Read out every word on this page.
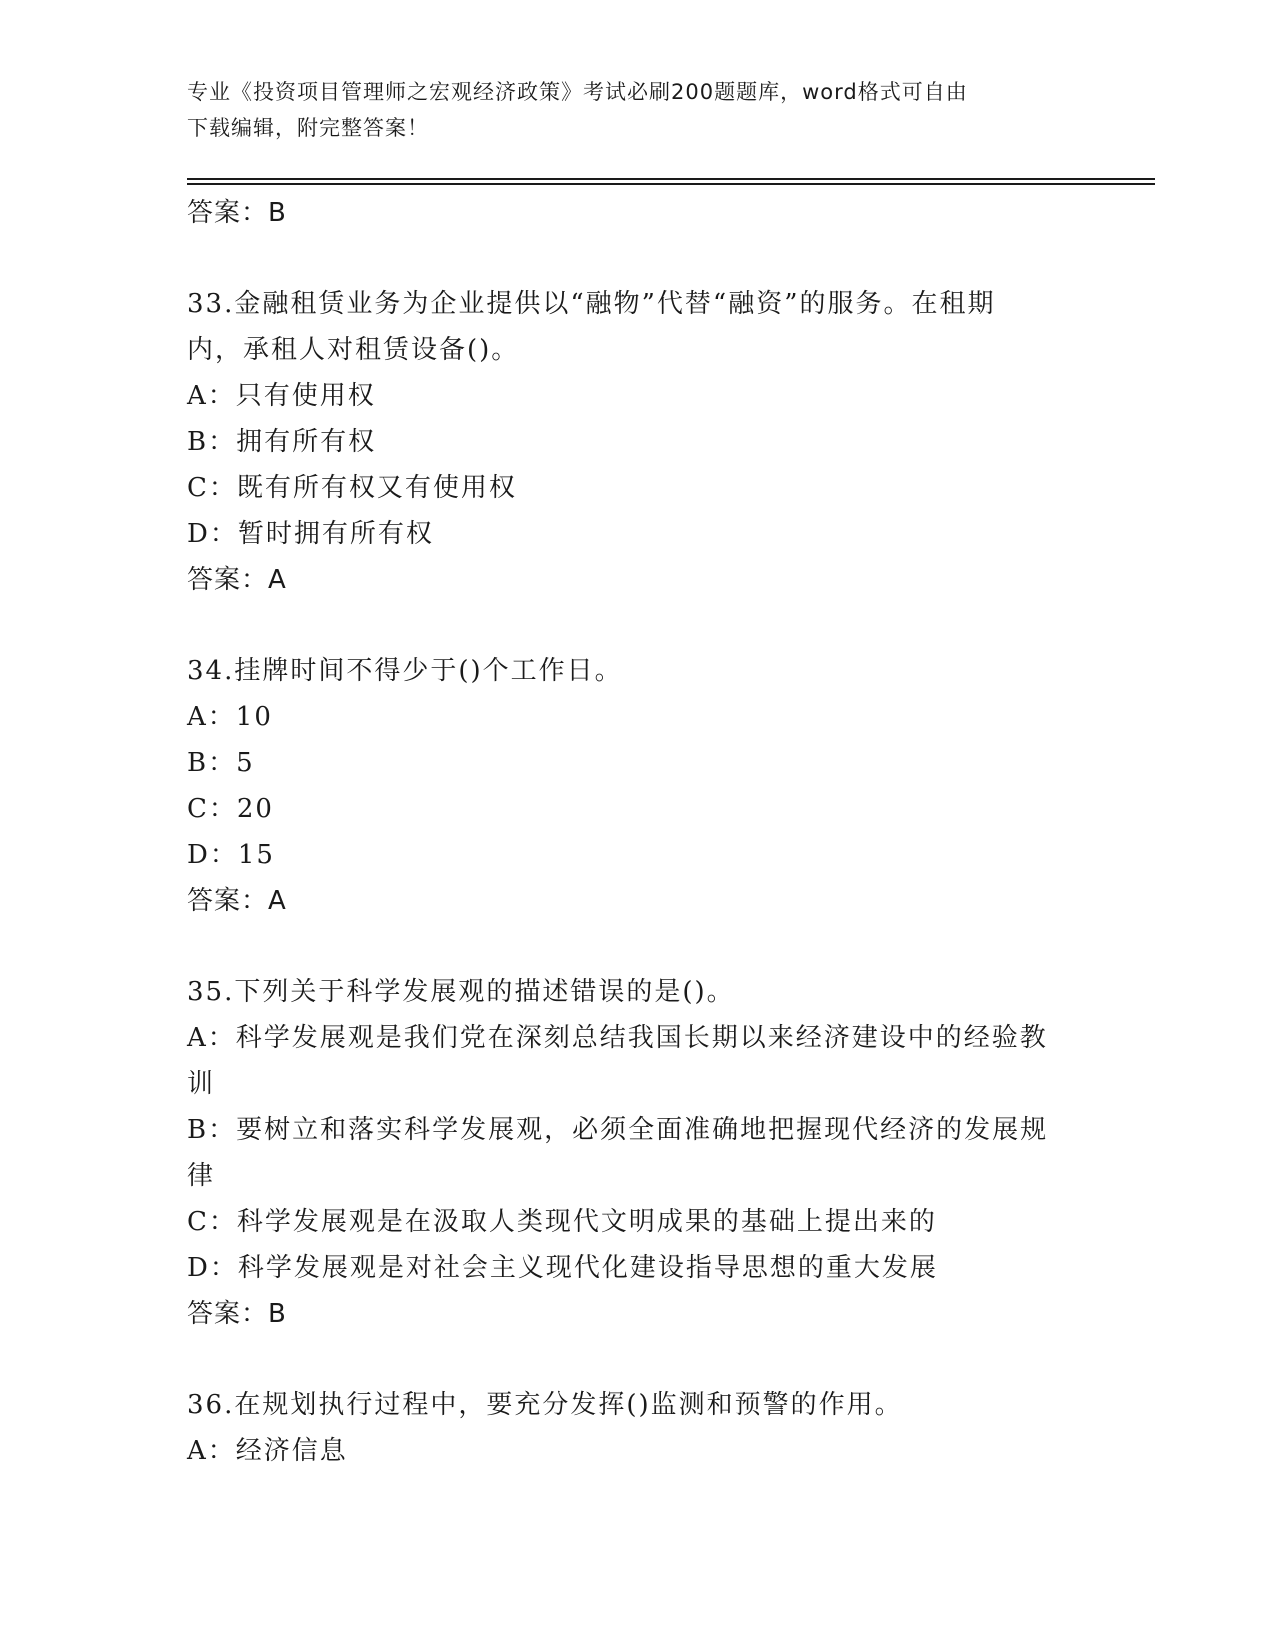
专业《投资项目管理师之宏观经济政策》考试必刷200题题库，word格式可自由
下载编辑，附完整答案！
答案：B
33.金融租赁业务为企业提供以“融物”代替“融资”的服务。在租期
内，承租人对租赁设备()。
A：只有使用权
B：拥有所有权
C：既有所有权又有使用权
D：暂时拥有所有权
答案：A
34.挂牌时间不得少于()个工作日。
A：10
B：5
C：20
D：15
答案：A
35.下列关于科学发展观的描述错误的是()。
A：科学发展观是我们党在深刻总结我国长期以来经济建设中的经验教
训
B：要树立和落实科学发展观，必须全面准确地把握现代经济的发展规
律
C：科学发展观是在汲取人类现代文明成果的基础上提出来的
D：科学发展观是对社会主义现代化建设指导思想的重大发展
答案：B
36.在规划执行过程中，要充分发挥()监测和预警的作用。
A：经济信息
